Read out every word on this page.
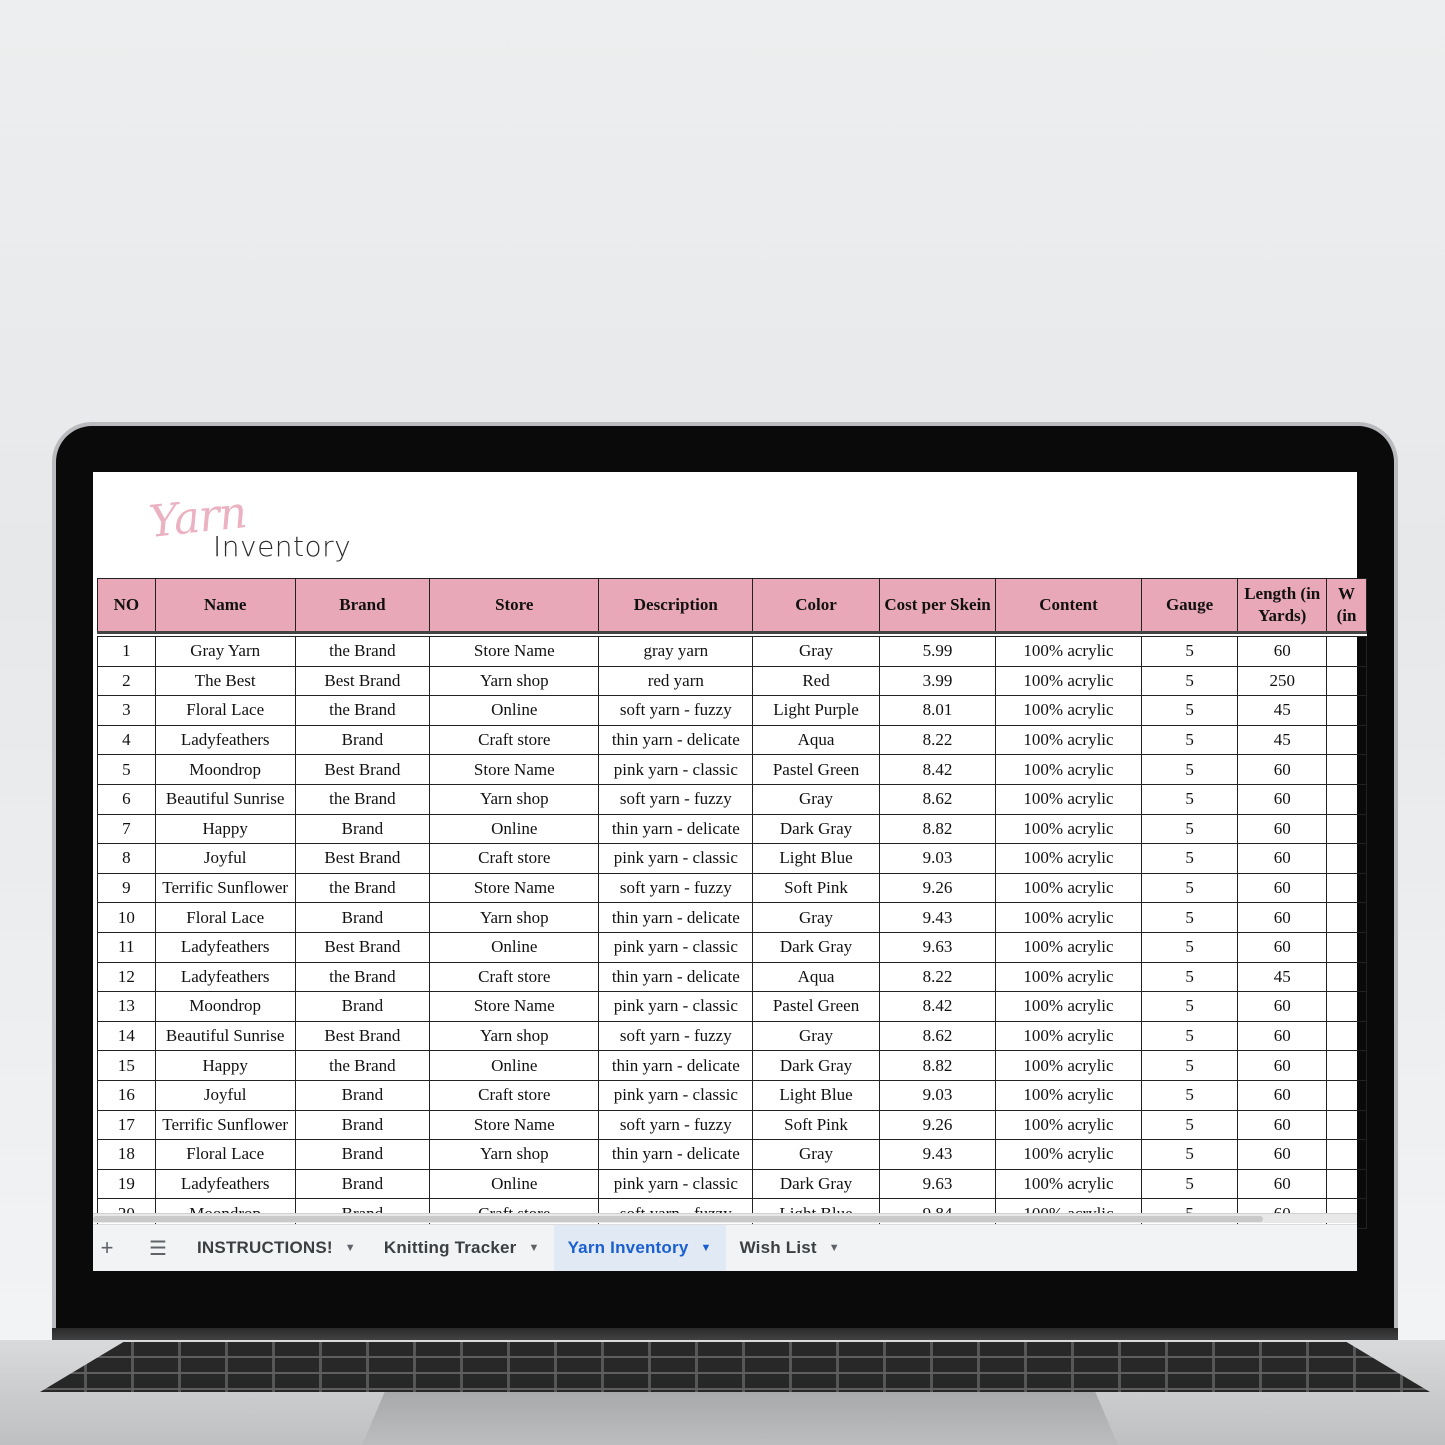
Yarn
Inventory
NO	Name	Brand	Store	Description	Color	Cost per Skein	Content	Gauge	Length (in Yards)	W (in

1	Gray Yarn	the Brand	Store Name	gray yarn	Gray	5.99	100% acrylic	5	60	
2	The Best	Best Brand	Yarn shop	red yarn	Red	3.99	100% acrylic	5	250	
3	Floral Lace	the Brand	Online	soft yarn - fuzzy	Light Purple	8.01	100% acrylic	5	45	
4	Ladyfeathers	Brand	Craft store	thin yarn - delicate	Aqua	8.22	100% acrylic	5	45	
5	Moondrop	Best Brand	Store Name	pink yarn - classic	Pastel Green	8.42	100% acrylic	5	60	
6	Beautiful Sunrise	the Brand	Yarn shop	soft yarn - fuzzy	Gray	8.62	100% acrylic	5	60	
7	Happy	Brand	Online	thin yarn - delicate	Dark Gray	8.82	100% acrylic	5	60	
8	Joyful	Best Brand	Craft store	pink yarn - classic	Light Blue	9.03	100% acrylic	5	60	
9	Terrific Sunflower	the Brand	Store Name	soft yarn - fuzzy	Soft Pink	9.26	100% acrylic	5	60	
10	Floral Lace	Brand	Yarn shop	thin yarn - delicate	Gray	9.43	100% acrylic	5	60	
11	Ladyfeathers	Best Brand	Online	pink yarn - classic	Dark Gray	9.63	100% acrylic	5	60	
12	Ladyfeathers	the Brand	Craft store	thin yarn - delicate	Aqua	8.22	100% acrylic	5	45	
13	Moondrop	Brand	Store Name	pink yarn - classic	Pastel Green	8.42	100% acrylic	5	60	
14	Beautiful Sunrise	Best Brand	Yarn shop	soft yarn - fuzzy	Gray	8.62	100% acrylic	5	60	
15	Happy	the Brand	Online	thin yarn - delicate	Dark Gray	8.82	100% acrylic	5	60	
16	Joyful	Brand	Craft store	pink yarn - classic	Light Blue	9.03	100% acrylic	5	60	
17	Terrific Sunflower	Brand	Store Name	soft yarn - fuzzy	Soft Pink	9.26	100% acrylic	5	60	
18	Floral Lace	Brand	Yarn shop	thin yarn - delicate	Gray	9.43	100% acrylic	5	60	
19	Ladyfeathers	Brand	Online	pink yarn - classic	Dark Gray	9.63	100% acrylic	5	60	

+	☰	INSTRUCTIONS! ▼ Knitting Tracker ▼ Yarn Inventory ▼ Wish List ▼
